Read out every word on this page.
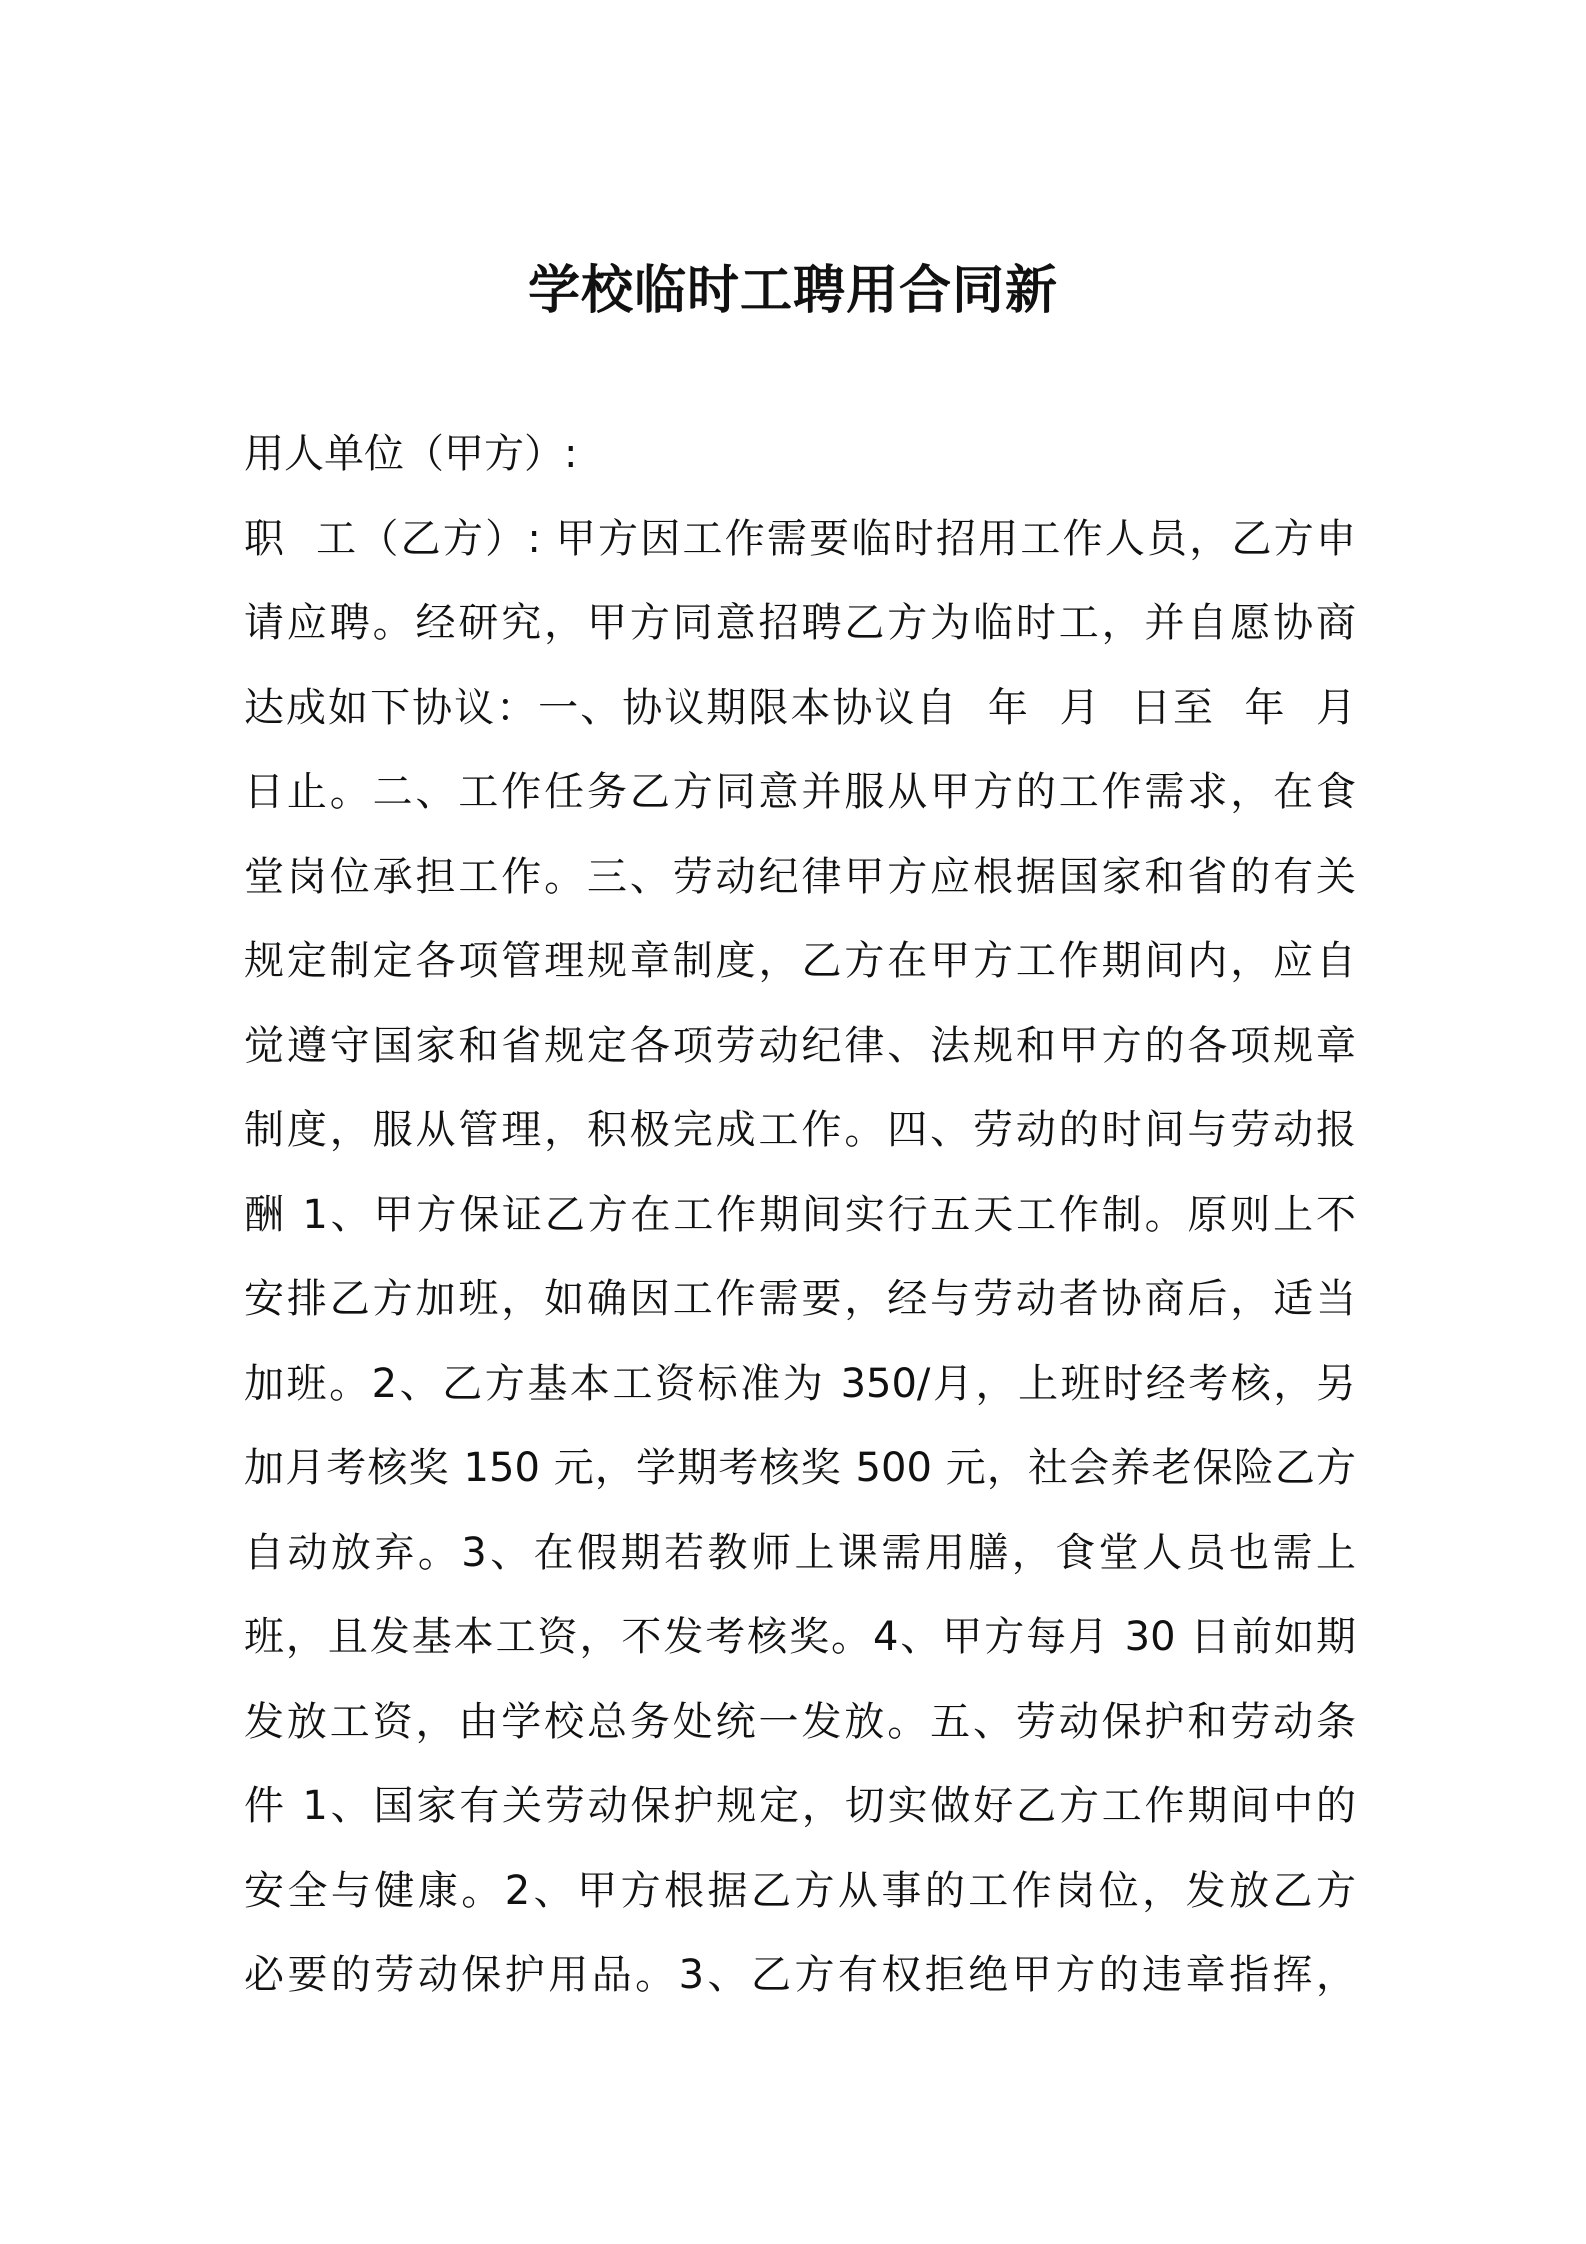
学校临时工聘用合同新
用人单位（甲方）:
职  工（乙方）: 甲方因工作需要临时招用工作人员，乙方申
请应聘。经研究，甲方同意招聘乙方为临时工，并自愿协商
达成如下协议：一、协议期限本协议自  年  月  日至  年  月
日止。二、工作任务乙方同意并服从甲方的工作需求，在食
堂岗位承担工作。三、劳动纪律甲方应根据国家和省的有关
规定制定各项管理规章制度，乙方在甲方工作期间内，应自
觉遵守国家和省规定各项劳动纪律、法规和甲方的各项规章
制度，服从管理，积极完成工作。四、劳动的时间与劳动报
酬 1、甲方保证乙方在工作期间实行五天工作制。原则上不
安排乙方加班，如确因工作需要，经与劳动者协商后，适当
加班。2、乙方基本工资标准为 350/月，上班时经考核，另
加月考核奖 150 元，学期考核奖 500 元，社会养老保险乙方
自动放弃。3、在假期若教师上课需用膳，食堂人员也需上
班，且发基本工资，不发考核奖。4、甲方每月 30 日前如期
发放工资，由学校总务处统一发放。五、劳动保护和劳动条
件 1、国家有关劳动保护规定，切实做好乙方工作期间中的
安全与健康。2、甲方根据乙方从事的工作岗位，发放乙方
必要的劳动保护用品。3、乙方有权拒绝甲方的违章指挥，
